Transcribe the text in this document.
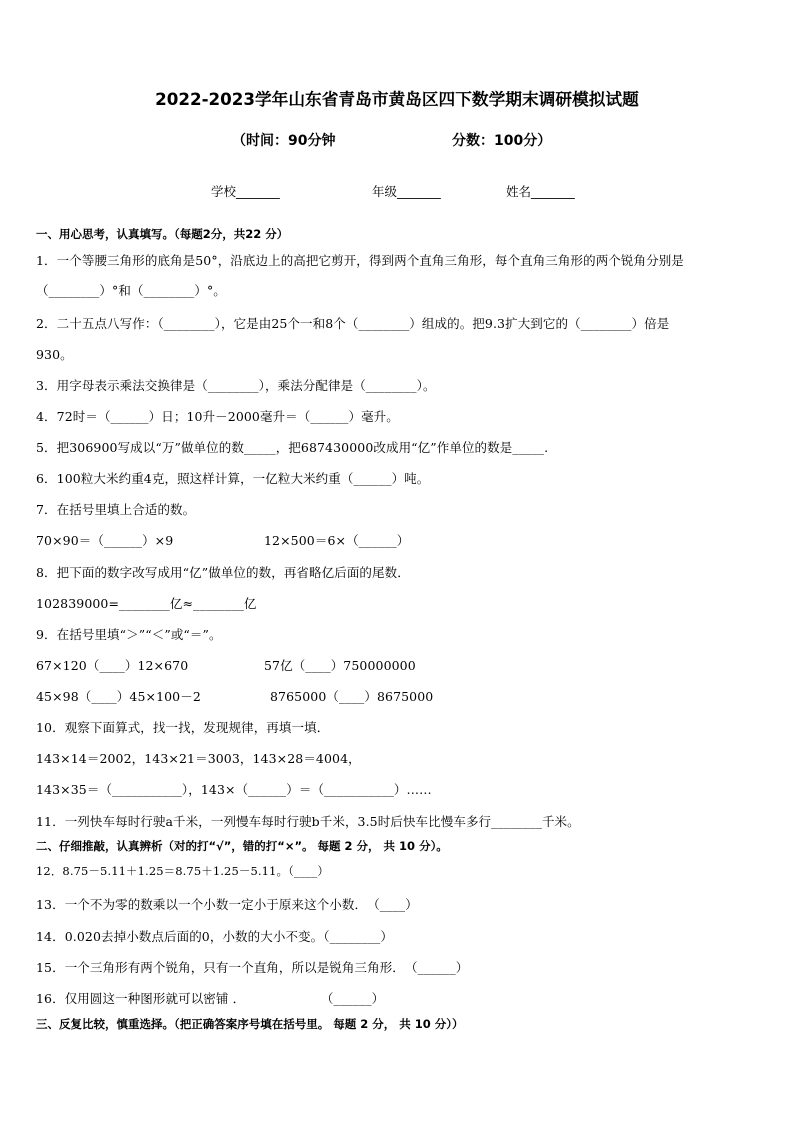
2022-2023学年山东省青岛市黄岛区四下数学期末调研模拟试题
（时间：90分钟	分数：100分）
学校_______	年级_______	姓名_______
一、用心思考，认真填写。（每题2分，共22 分）
1．一个等腰三角形的底角是50°，沿底边上的高把它剪开，得到两个直角三角形，每个直角三角形的两个锐角分别是
（________）°和（________）°。
2．二十五点八写作：（________），它是由25个一和8个（________）组成的。把9.3扩大到它的（________）倍是
930。
3．用字母表示乘法交换律是（________），乘法分配律是（________）。
4．72时＝（______）日；10升－2000毫升＝（______）毫升。
5．把306900写成以“万”做单位的数_____，把687430000改成用“亿”作单位的数是_____.
6．100粒大米约重4克，照这样计算，一亿粒大米约重（______）吨。
7．在括号里填上合适的数。
70×90＝（______）×9	12×500＝6×（______）
8．把下面的数字改写成用“亿”做单位的数，再省略亿后面的尾数．
102839000=________亿≈________亿
9．在括号里填“＞”“＜”或“＝”。
67×120（____）12×670	57亿（____）750000000
45×98（____）45×100－2	8765000（____）8675000
10．观察下面算式，找一找，发现规律，再填一填．
143×14＝2002，143×21＝3003，143×28＝4004，
143×35＝（___________），143×（______）＝（___________）……
11．一列快车每时行驶a千米，一列慢车每时行驶b千米，3.5时后快车比慢车多行________千米。
二、仔细推敲，认真辨析（对的打“√”，错的打“×”。 每题 2 分， 共 10 分）。
12．8.75－5.11＋1.25＝8.75＋1.25－5.11。（____）
13．一个不为零的数乘以一个小数一定小于原来这个小数．　（____）
14．0.020去掉小数点后面的0，小数的大小不变。（________）
15．一个三角形有两个锐角，只有一个直角，所以是锐角三角形．　（______）
16．仅用圆这一种图形就可以密铺 ．　　　　　　　（______）
三、反复比较，慎重选择。（把正确答案序号填在括号里。 每题 2 分， 共 10 分））
